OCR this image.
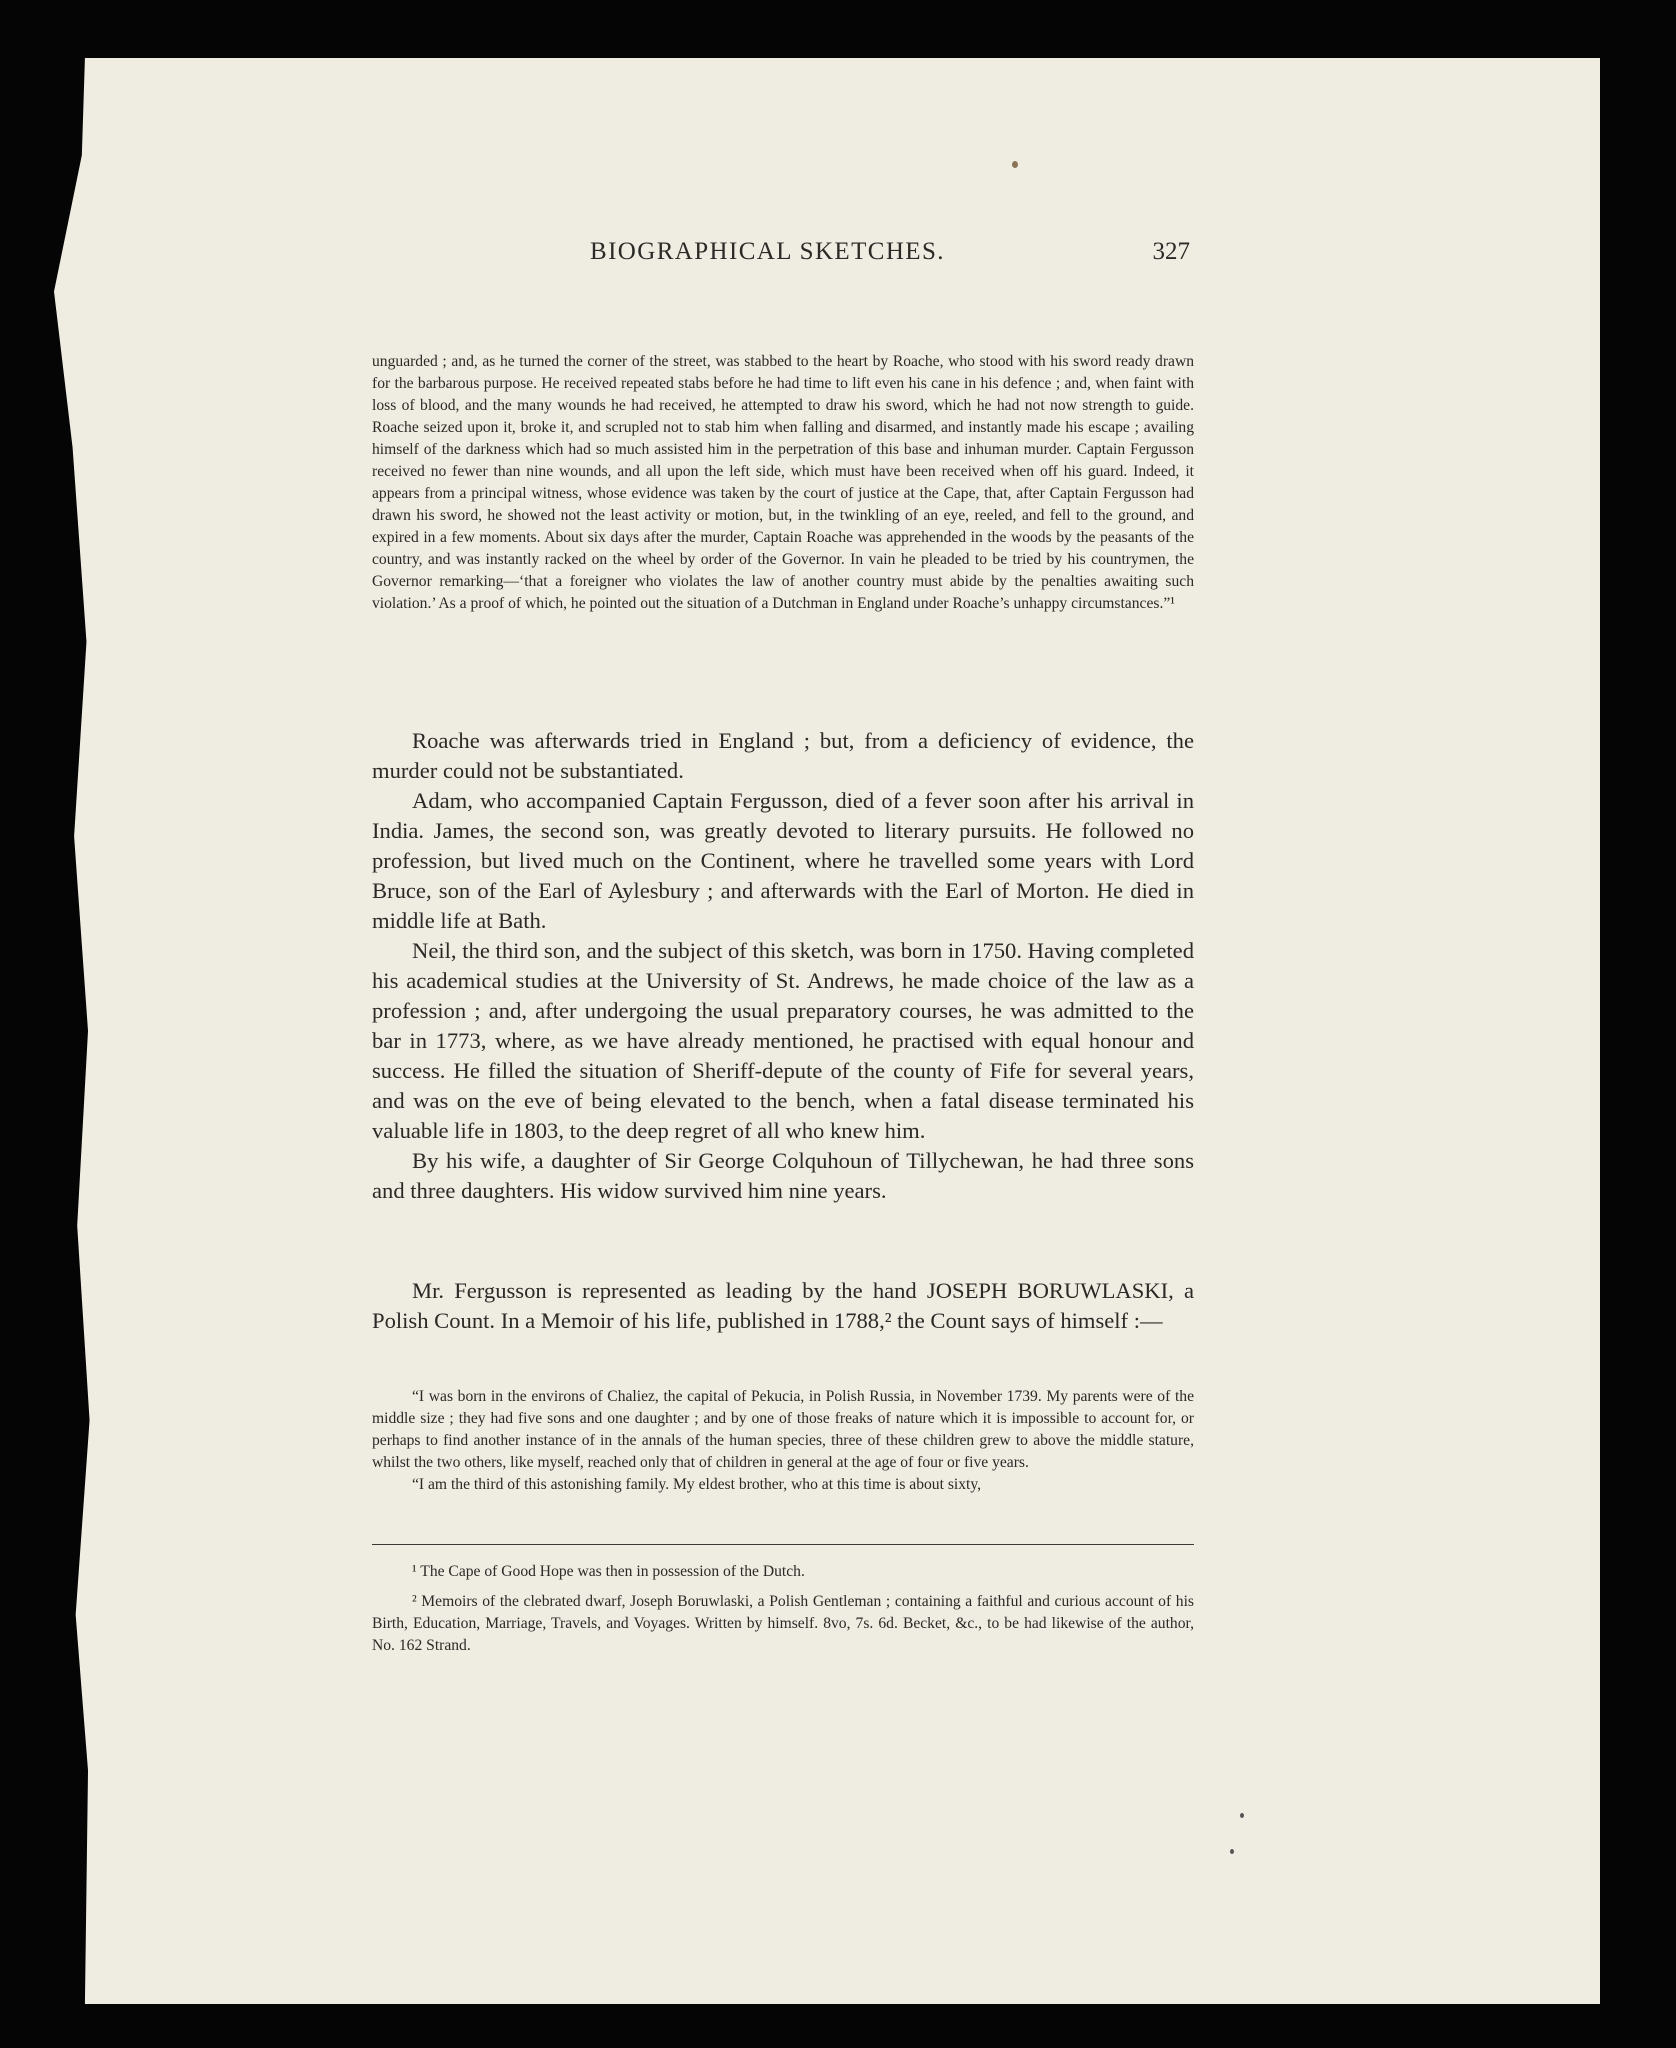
BIOGRAPHICAL SKETCHES.	327

unguarded ; and, as he turned the corner of the street, was stabbed to the heart by Roache, who stood with his sword ready drawn for the barbarous purpose. He received repeated stabs before he had time to lift even his cane in his defence ; and, when faint with loss of blood, and the many wounds he had received, he attempted to draw his sword, which he had not now strength to guide. Roache seized upon it, broke it, and scrupled not to stab him when falling and disarmed, and instantly made his escape ; availing himself of the darkness which had so much assisted him in the perpetration of this base and inhuman murder. Captain Fergusson received no fewer than nine wounds, and all upon the left side, which must have been received when off his guard. Indeed, it appears from a principal witness, whose evidence was taken by the court of justice at the Cape, that, after Captain Fergusson had drawn his sword, he showed not the least activity or motion, but, in the twinkling of an eye, reeled, and fell to the ground, and expired in a few moments. About six days after the murder, Captain Roache was apprehended in the woods by the peasants of the country, and was instantly racked on the wheel by order of the Governor. In vain he pleaded to be tried by his countrymen, the Governor remarking—‘that a foreigner who violates the law of another country must abide by the penalties awaiting such violation.’ As a proof of which, he pointed out the situation of a Dutchman in England under Roache’s unhappy circumstances.”¹

Roache was afterwards tried in England ; but, from a deficiency of evidence, the murder could not be substantiated.

Adam, who accompanied Captain Fergusson, died of a fever soon after his arrival in India. James, the second son, was greatly devoted to literary pursuits. He followed no profession, but lived much on the Continent, where he travelled some years with Lord Bruce, son of the Earl of Aylesbury ; and afterwards with the Earl of Morton. He died in middle life at Bath.

Neil, the third son, and the subject of this sketch, was born in 1750. Having completed his academical studies at the University of St. Andrews, he made choice of the law as a profession ; and, after undergoing the usual preparatory courses, he was admitted to the bar in 1773, where, as we have already mentioned, he practised with equal honour and success. He filled the situation of Sheriff-depute of the county of Fife for several years, and was on the eve of being elevated to the bench, when a fatal disease terminated his valuable life in 1803, to the deep regret of all who knew him.

By his wife, a daughter of Sir George Colquhoun of Tillychewan, he had three sons and three daughters. His widow survived him nine years.

Mr. Fergusson is represented as leading by the hand JOSEPH BORUWLASKI, a Polish Count. In a Memoir of his life, published in 1788,² the Count says of himself :—

“I was born in the environs of Chaliez, the capital of Pekucia, in Polish Russia, in November 1739. My parents were of the middle size ; they had five sons and one daughter ; and by one of those freaks of nature which it is impossible to account for, or perhaps to find another instance of in the annals of the human species, three of these children grew to above the middle stature, whilst the two others, like myself, reached only that of children in general at the age of four or five years.

“I am the third of this astonishing family. My eldest brother, who at this time is about sixty,

¹ The Cape of Good Hope was then in possession of the Dutch.

² Memoirs of the clebrated dwarf, Joseph Boruwlaski, a Polish Gentleman ; containing a faithful and curious account of his Birth, Education, Marriage, Travels, and Voyages. Written by himself. 8vo, 7s. 6d. Becket, &c., to be had likewise of the author, No. 162 Strand.
